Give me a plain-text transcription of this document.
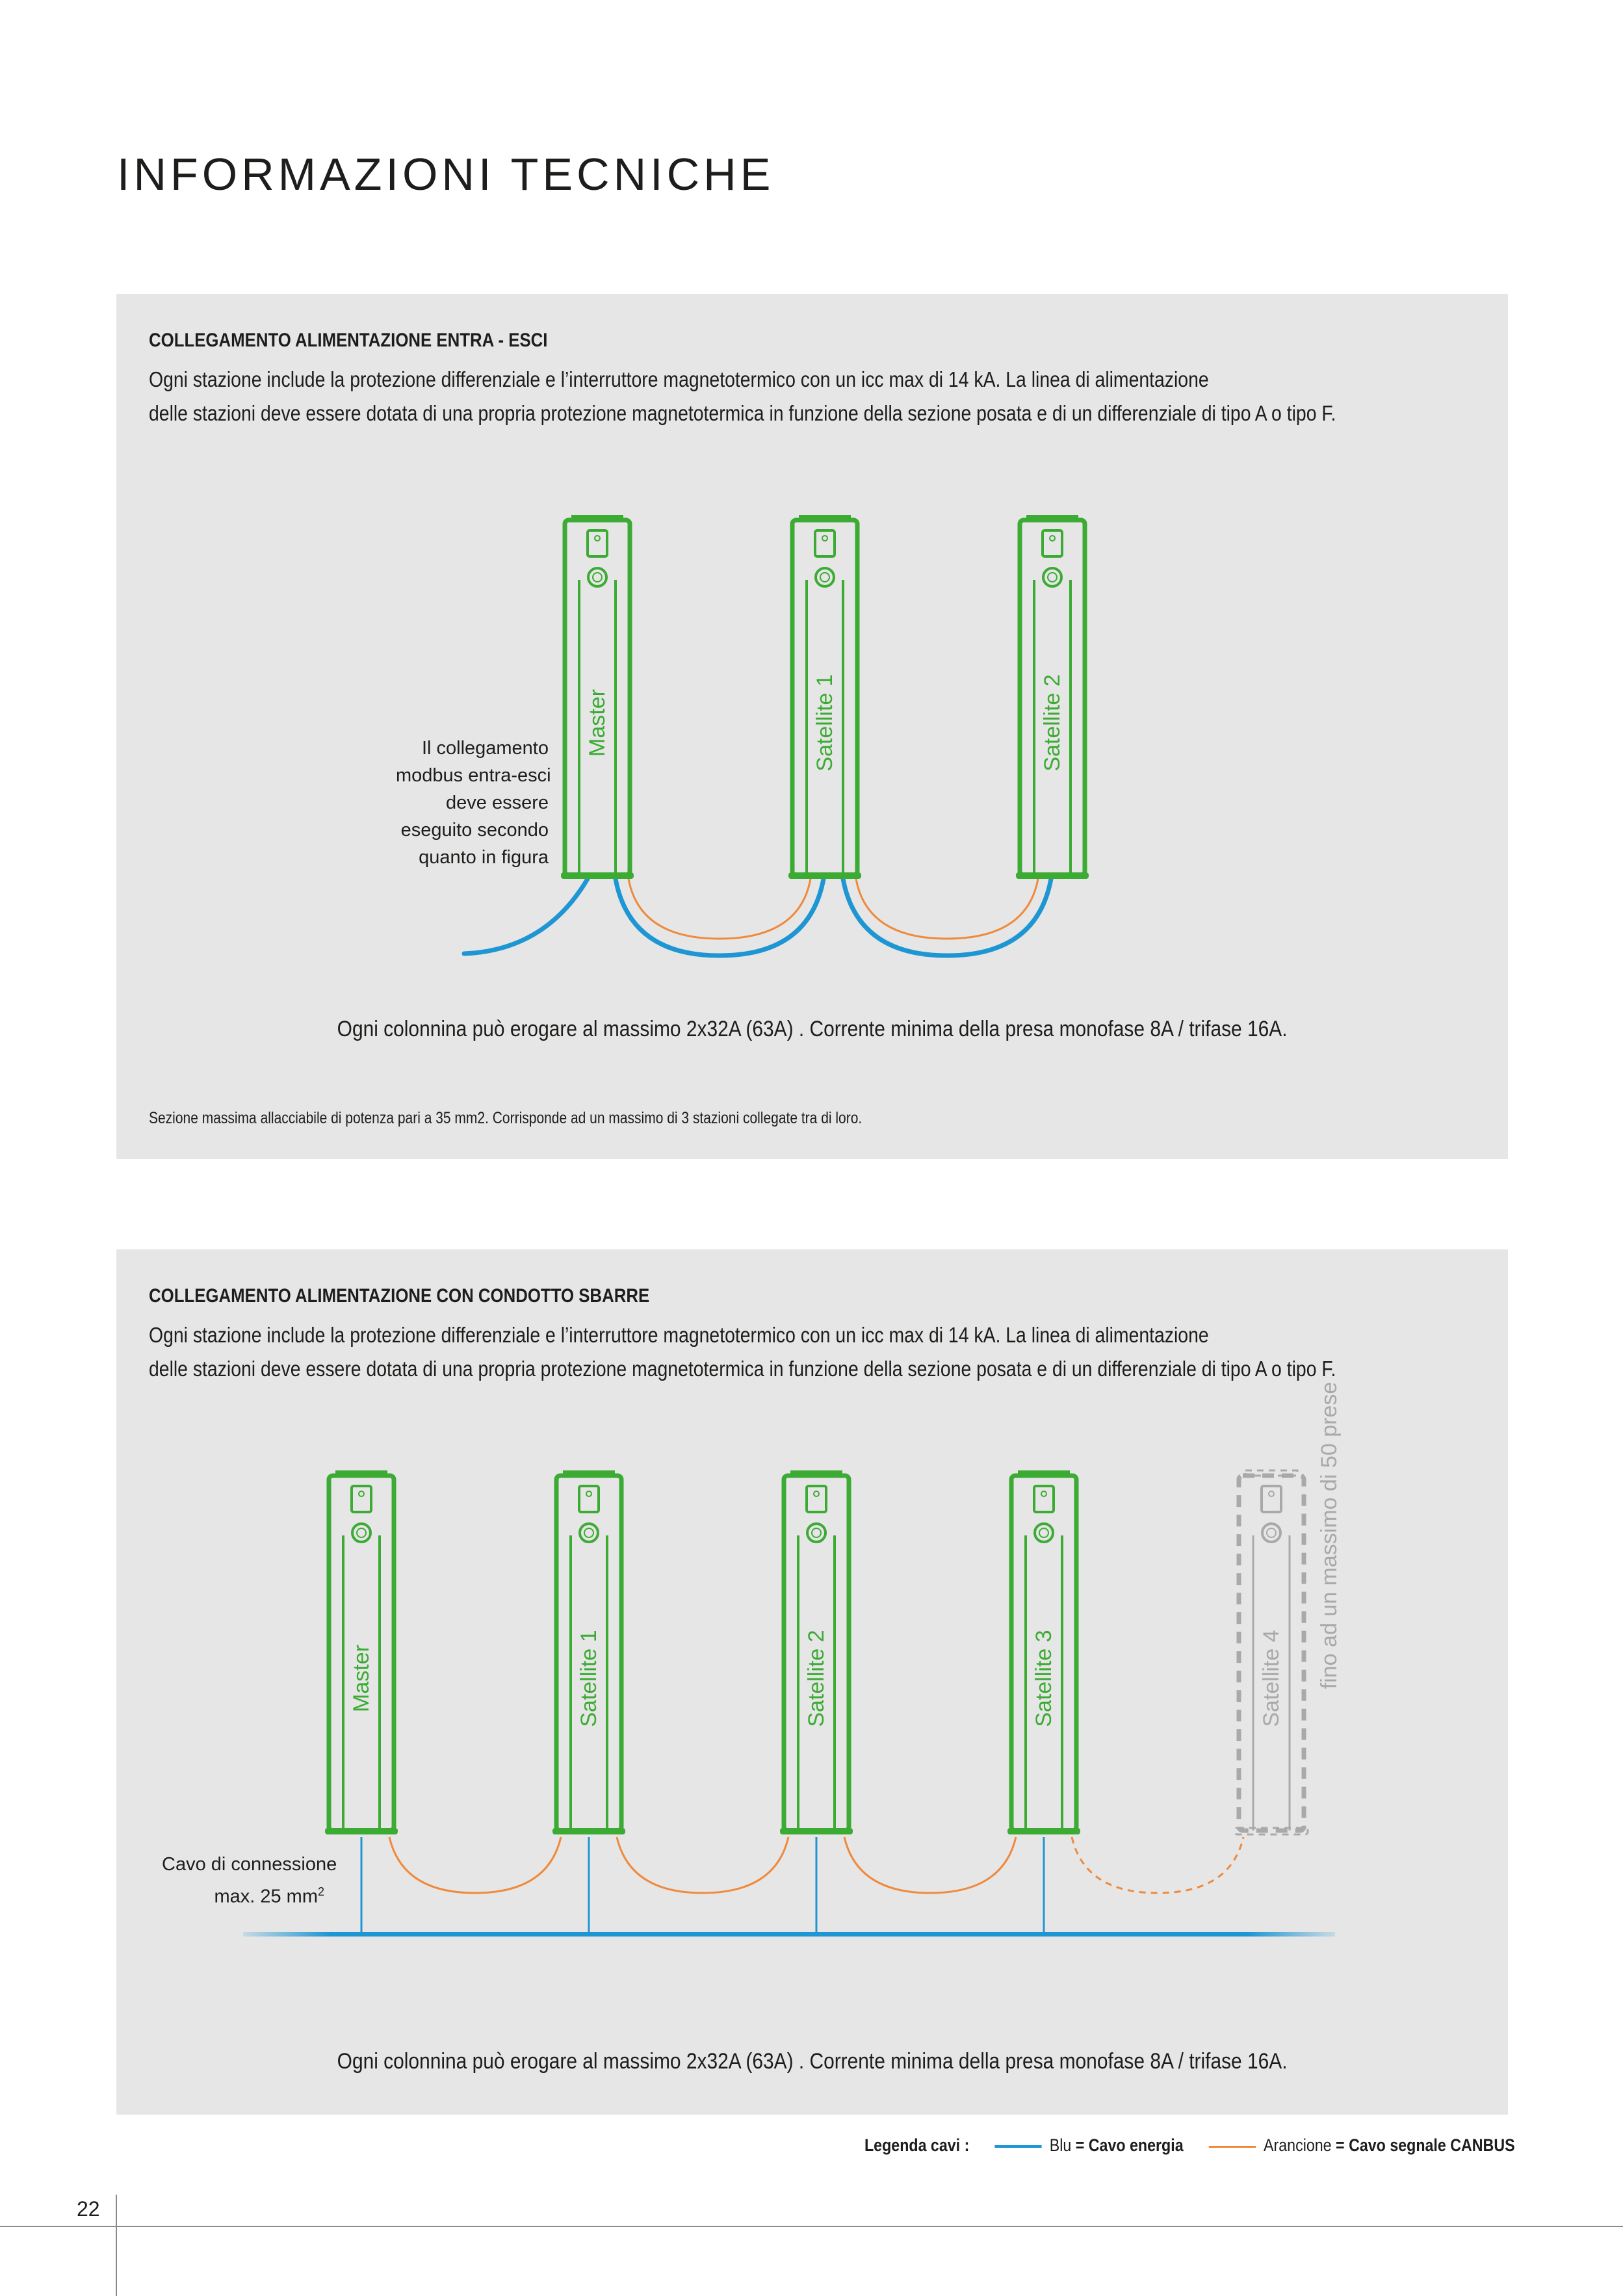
INFORMAZIONI TECNICHE
COLLEGAMENTO ALIMENTAZIONE ENTRA - ESCI
Ogni stazione include la protezione differenziale e l’interruttore magnetotermico con un icc max di 14 kA. La linea di alimentazione
delle stazioni deve essere dotata di una propria protezione magnetotermica in funzione della sezione posata e di un differenziale di tipo A o tipo F.
Master	Satellite 1	Satellite 2
Il collegamento
modbus entra-esci
deve essere
eseguito secondo
quanto in figura
Ogni colonnina può erogare al massimo 2x32A (63A) . Corrente minima della presa monofase 8A / trifase 16A.
Sezione massima allacciabile di potenza pari a 35 mm2. Corrisponde ad un massimo di 3 stazioni collegate tra di loro.
COLLEGAMENTO ALIMENTAZIONE CON CONDOTTO SBARRE
Ogni stazione include la protezione differenziale e l’interruttore magnetotermico con un icc max di 14 kA. La linea di alimentazione
delle stazioni deve essere dotata di una propria protezione magnetotermica in funzione della sezione posata e di un differenziale di tipo A o tipo F.
Master	Satellite 1	Satellite 2	Satellite 3	Satellite 4 fino ad un massimo di 50 prese
Cavo di connessione
max. 25 $mm^2$
Ogni colonnina può erogare al massimo 2x32A (63A) . Corrente minima della presa monofase 8A / trifase 16A.
Legenda cavi :	Blu = Cavo energia	Arancione = Cavo segnale CANBUS
22
